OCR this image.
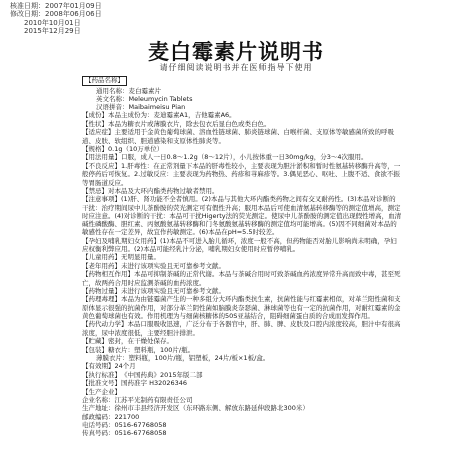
核准日期：2007年01月09日
修改日期：2008年06月06日
2010年10月01日
2015年12月29日
麦白霉素片说明书
请仔细阅读说明书并在医师指导下使用
【药品名称】
通用名称：麦白霉素片
英文名称：Meleumycin Tablets
汉语拼音：Maibaimeisu Pian
【成份】本品主成份为：麦迪霉素A1，吉他霉素A6。
【性状】本品为糖衣片或薄膜衣片，除去包衣后显白色或类白色。
【适应症】主要适用于金黄色葡萄球菌、溶血性链球菌、肺炎链球菌、白喉杆菌、支原体等敏感菌所致的呼吸道、皮肤、软组织、胆道感染和支原体性肺炎等。
【规格】0.1g（10万单位）
【用法用量】口服，成人一日0.8～1.2g（8～12片），小儿按体重一日30mg/kg，分3～4次服用。
【不良反应】1.肝毒性：在正常剂量下本品的肝毒性较小，主要表现为胆汁淤积和暂时性氨基转移酶升高等，一般停药后可恢复。2.过敏反应：主要表现为药物热、药疹和荨麻疹等。3.偶见恶心、呕吐、上腹不适、食欲不振等胃肠道反应。
【禁忌】对本品及大环内酯类药物过敏者禁用。
【注意事项】(1)肝、肾功能不全者慎用。(2)本品与其他大环内酯类药物之间有交叉耐药性。(3)本品对诊断的干扰：治疗期间尿中儿茶酚胺的荧光测定可有假性升高；服用本品后可使血清氨基转移酶等的测定值增高，测定时应注意。(4)对诊断的干扰：本品可干扰Higerty法的荧光测定。使尿中儿茶酚胺的测定值出现假性增高，血清碱性磷酸酶、胆红素、丙氨酸氨基转移酶和门冬氨酸氨基转移酶的测定值均可能增高。(5)因不同细菌对本品的敏感性存在一定差异，故宜作药敏测定。(6)本品在pH=5.5时较差。
【孕妇及哺乳期妇女用药】(1)本品不可进入胎儿循环，浓度一般不高，但药物能否对胎儿影响尚未明确，孕妇应权衡利弊应用。(2)本品可能经乳汁分泌，哺乳期妇女使用时应暂停哺乳。
【儿童用药】无明显用量。
【老年用药】未进行该项实验且无可靠参考文献。
【药物相互作用】本品可抑制茶碱的正常代谢。本品与茶碱合用时可致茶碱血药浓度异常升高而致中毒，甚至死亡，故两药合用时应监测茶碱的血药浓度。
【药物过量】未进行该项实验且无可靠参考文献。
【药理毒理】本品为由链霉菌产生的一种多组分大环内酯类抗生素，抗菌性能与红霉素相似，对革兰阳性菌和支原体显示很强的抗菌作用，对部分革兰阴性菌如脑膜炎奈瑟菌、淋球菌等也有一定的抗菌作用，对耐红霉素的金黄色葡萄球菌也有效。作用机理为与细菌核糖体的50S亚基结合，阻碍细菌蛋白质的合成而发挥作用。
【药代动力学】本品口服吸收迅速，广泛分布于各器官中，肝、肺、脾、皮肤及口腔内浓度较高，胆汁中有很高浓度，尿中浓度很低，主要经胆汁排泄。
【贮藏】密封，在干燥处保存。
【包装】糖衣片：塑料瓶，100片/瓶。
薄膜衣片：塑料瓶，100片/瓶，铝塑板，24片/板×1板/盒。
【有效期】24个月
【执行标准】《中国药典》2015年版二部
【批准文号】国药准字 H32026346
【生产企业】
企业名称：江苏平光制药有限责任公司
生产地址：徐州市丰县经济开发区（东环路东侧、解放东路延伸段路北300米）
邮政编码：221700
电话号码：0516-67768058
传真号码：0516-67768058
